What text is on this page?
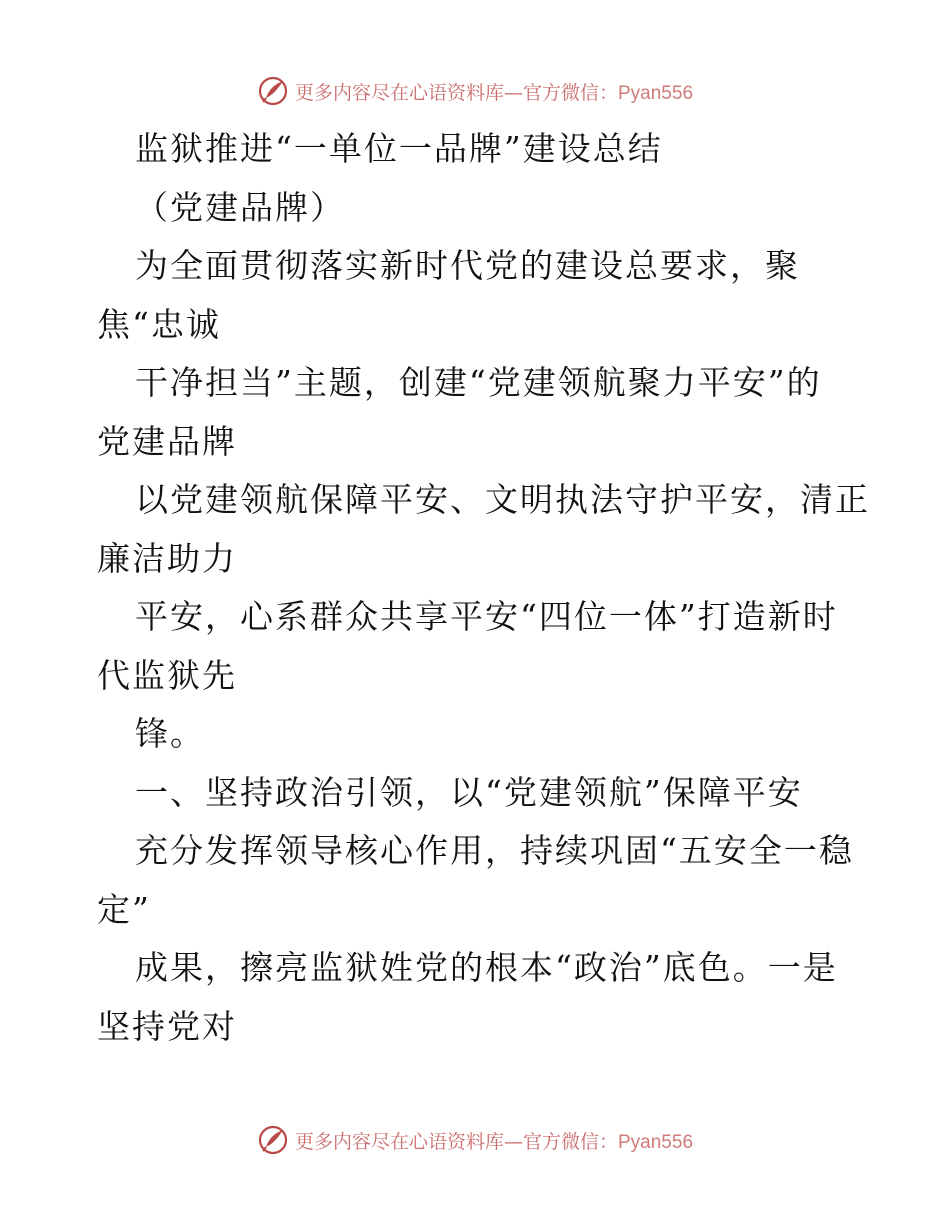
更多内容尽在心语资料库—官方微信：Pyan556
监狱推进“一单位一品牌”建设总结
（党建品牌）
为全面贯彻落实新时代党的建设总要求，聚
焦“忠诚
干净担当”主题，创建“党建领航聚力平安”的
党建品牌
以党建领航保障平安、文明执法守护平安，清正
廉洁助力
平安，心系群众共享平安“四位一体”打造新时
代监狱先
锋。
一、坚持政治引领，以“党建领航”保障平安
充分发挥领导核心作用，持续巩固“五安全一稳
定”
成果，擦亮监狱姓党的根本“政治”底色。一是
坚持党对
更多内容尽在心语资料库—官方微信：Pyan556
